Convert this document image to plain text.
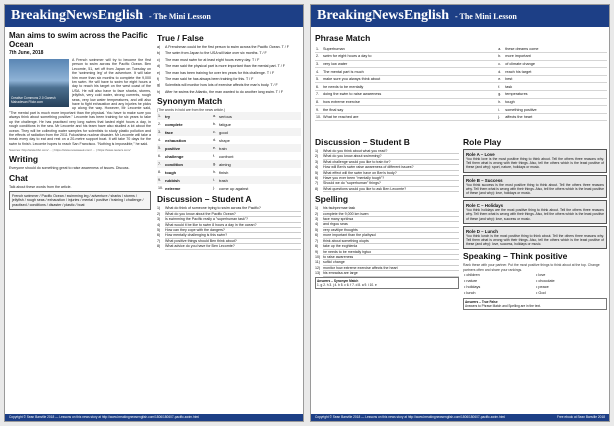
BreakingNewsEnglish - The Mini Lesson
Man aims to swim across the Pacific Ocean
7th June, 2018
Creative Commons 2.0 Ganesh Mahadevan Flickr.com
A French swimmer will try to become the first person to swim across the Pacific Ocean. Ben Lecomte, 51, set off from Japan on Tuesday on the 'swimming leg' of the adventure. It will take him more than six months to complete the 9,000 km swim. He will have to swim for eight hours a day to reach his target on the west coast of the USA. He will also have to face sharks, storms, jellyfish, very cold water, strong currents, rough seas, very low water temperatures, and will also have to fight exhaustion and any injuries he picks up along the way. However, Mr Lecomte said, "The mental part is much more important than the physical. You have to make sure you always think about something positive." Lecomte has been training for six years to take up the challenge. He has practised very long swims that lasted eight hours a day, in rough conditions in the sea. Mr Lecomte and his team have also studied a lot about the ocean. They will be collecting water samples for scientists to study plastic pollution and the effects of radiation from the 2011 Fukushima nuclear disaster. Mr Lecomte will take a break every day to eat and rest on a 20-metre support boat. It will take 70 days for the swim to finish. Lecomte hopes to reach San Francisco. "Nothing is impossible," he said.
Sources: http://www.bbc.com/ ... | https://www.newsweek.com/ ... | https://www.reuters.com/
Writing
Everyone should do something great to raise awareness of issues. Discuss.
Chat
Talk about these words from the article.
French swimmer / Pacific Ocean / swimming leg / adventure / sharks / storms / jellyfish / rough seas / exhaustion / injuries / mental / positive / training / challenge / practised / conditions / disaster / plastic / boat
True / False
a)	A Frenchman could be the first person to swim across the Pacific Ocean. T / F
b)	The swim from Japan to the USA will take over six months. T / F
c)	The man must swim for at least eight hours every day. T / F
d)	The man said the physical part is more important than the mental part. T / F
e)	The man has been training for over ten years for this challenge. T / F
f)	The man said he has always been training for this. T / F
g)	Scientists will monitor how lots of exercise affects the man's body. T / F
h)	After he swims the Atlantic, the man wanted to do another long swim. T / F
Synonym Match
(The words in bold are from the news article.)
1.	try	a.	serious
2.	complete	b.	fatigue
3.	face	c.	good
4.	exhaustion	d.	shape
5.	positive	e.	train
6.	challenge	f.	confront
7.	condition	g.	aiming
8.	tough	h.	finish
9.	rubbish	i.	trash
10.	extreme	j.	come up against
Discussion – Student A
1)	What do think of someone trying to swim across the Pacific?
2)	What do you know about the Pacific Ocean?
3)	Is swimming the Pacific really a "superhuman task"?
4)	What would it be like to swim 8 hours a day in the ocean?
5)	How can they cope with the dangers?
6)	How mentally challenging is this swim?
7)	What positive things should Ben think about?
8)	What advice do you have for Ben Lecomte?
Copyright © Sean Banville 2018 — Lessons on this news story at http://www.breakingnewsenglish.com/1806/180607-pacific-swim.html
BreakingNewsEnglish - The Mini Lesson
Phrase Match
1.	Superhuman	a.	these dreams come
2.	swim for eight hours a day to	b.	more important
3.	very low water	c.	of climate change
4.	The mental part is much	d.	reach his target
5.	make sure you always think about	e.	best
6.	he needs to be mentally	f.	task
7.	doing the swim to raise awareness	g.	temperatures
8.	how extreme exercise	h.	tough
9.	the final say	i.	something positive
10.	What he reached are	j.	affects the heart
Discussion – Student B
1)	What do you think about what you read?
2)	What do you know about swimming?
3)	What challenge would you like to train for?
4)	How will Ben's swim raise awareness of different issues?
5)	What effect will the swim have on Ben's body?
6)	Have you ever been "mentally tough"?
7)	Should we do "superhuman" things?
8)	What questions would you like to ask Ben Lecomte?
Spelling
1)	his tsuhpnrmae task
2)	complete the 9,000 km iswm
3)	face many sprkhsa
4)	and rhgou seas
5)	very osvtiipe thoughts
6)	more important than the plaihyscl
7)	think about something oiupts
8)	take up the ecghlenla
9)	he needs to be mentally hgtuo
10) to raise awareness
11) sufiicl change
12) monitor how extreme exercise affects the heart
13) his emradsa are large
Answers – Synonym Match
1. g 2. h 3. j 4. b 5. c 6. f 7. d 8. a 9. i 10. e
Role Play
Role A – Love
You think love is the most positive thing to think about. Tell the others three reasons why. Tell them what is wrong with their things. Also, tell the others which is the least positive of these (and why): sport, nature, holidays or music.
Role B – Success
You think success is the most positive thing to think about. Tell the others three reasons why. Tell them what is wrong with their things. Also, tell the others which is the least positive of these (and why): love, holidays or music.
Role C – Holidays
You think holidays are the most positive thing to think about. Tell the others three reasons why. Tell them what is wrong with their things. Also, tell the others which is the least positive of these (and why): love, success or music.
Role D – Lunch
You think lunch is the most positive thing to think about. Tell the others three reasons why. Tell them what is wrong with their things. Also, tell the others which is the least positive of these (and why): love, success, holidays or music.
Speaking – Think positive
Rank these with your partner. Put the most positive things to think about at the top. Change partners often and share your rankings.
• children	• love
• nature	• chocolate
• holidays	• peace
• lunch	• God
Answers – True False
Answers to Phrase Match and Spelling are in the text.
Copyright © Sean Banville 2018 — Lessons on this news story at http://www.breakingnewsenglish.com/1806/180607-pacific-swim.html	Free ebook at Sean Banville 2018
